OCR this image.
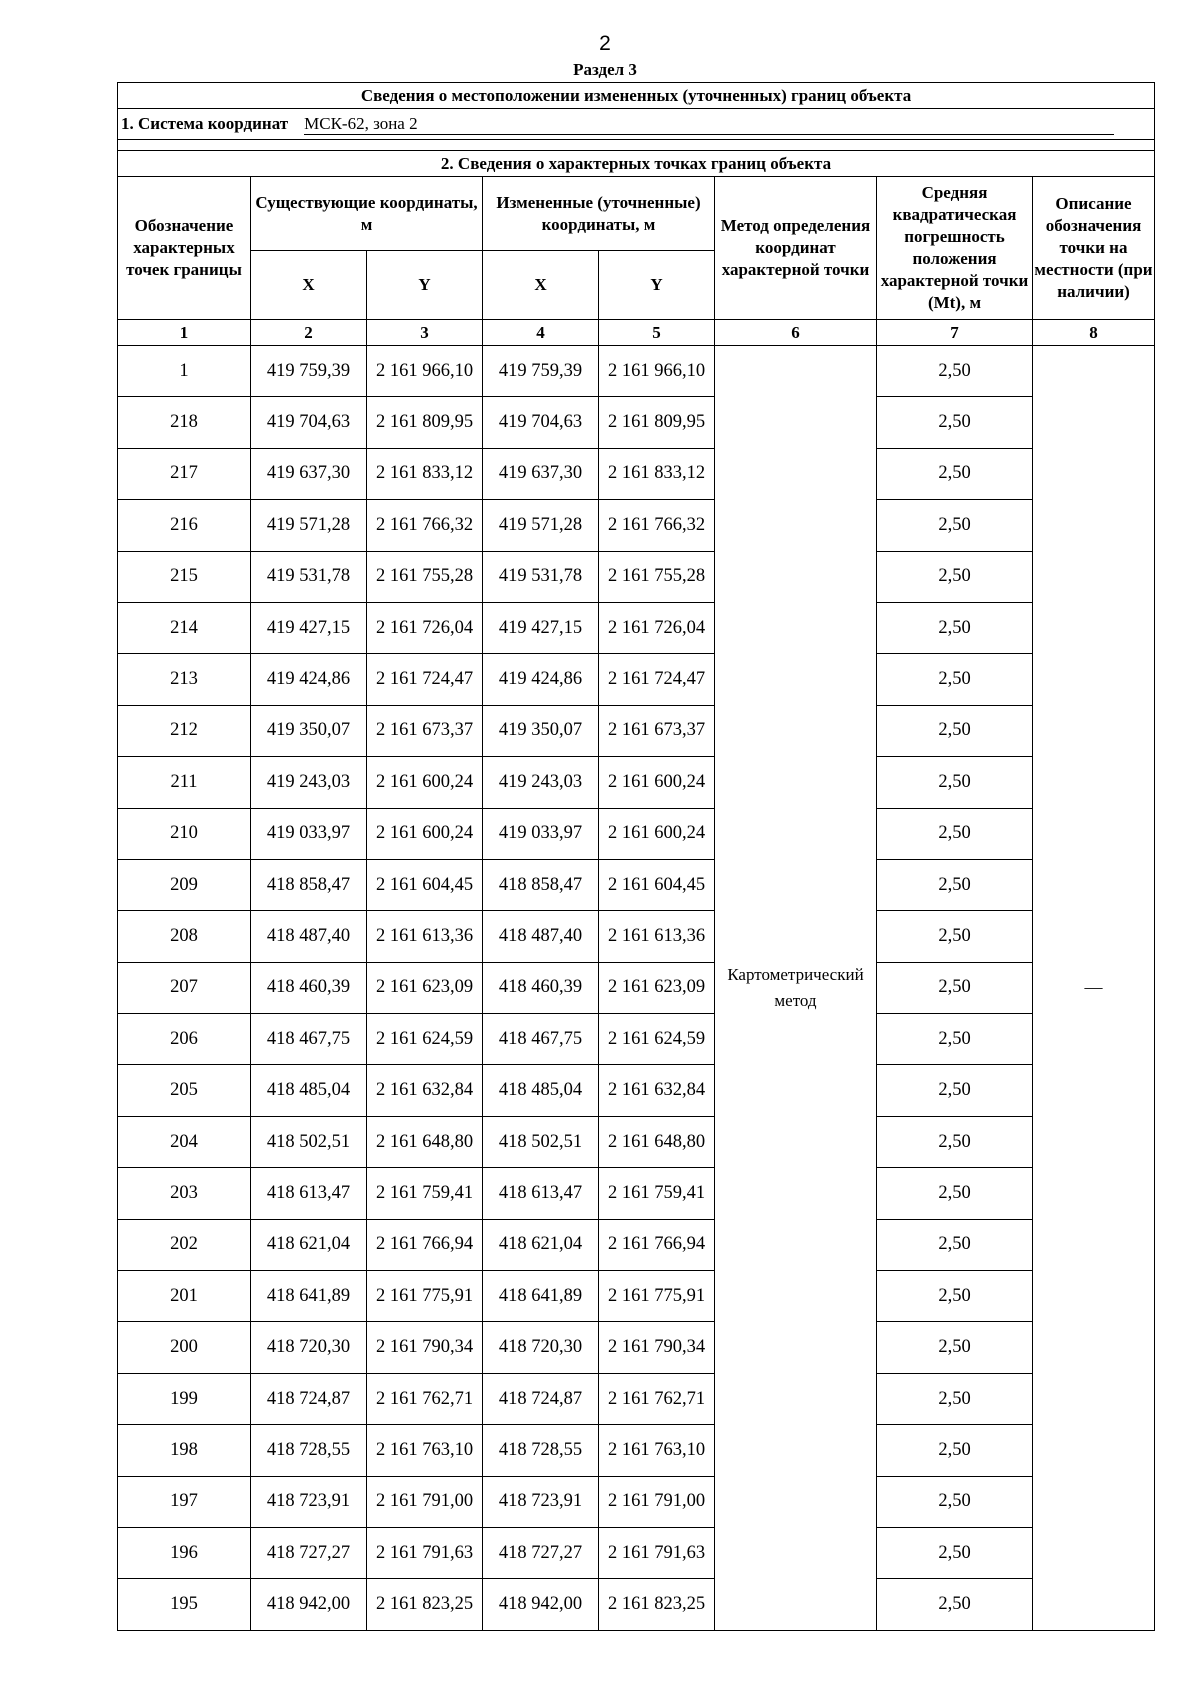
2
Раздел 3
Сведения о местоположении измененных (уточненных) границ объекта							
1. Система координат МСК-62, зона 2							

2. Сведения о характерных точках границ объекта							
Обозначение характерных точек границы	Существующие координаты, м		Измененные (уточненные) координаты, м		Метод определения координат характерной точки	Средняя квадратическая погрешность положения характерной точки (Mt), м	Описание обозначения точки на местности (при наличии)
	X	Y	X	Y			
1	2	3	4	5	6	7	8
1	419 759,39	2 161 966,10	419 759,39	2 161 966,10	Картометрический метод	2,50	—
218	419 704,63	2 161 809,95	419 704,63	2 161 809,95		2,50	
217	419 637,30	2 161 833,12	419 637,30	2 161 833,12		2,50	
216	419 571,28	2 161 766,32	419 571,28	2 161 766,32		2,50	
215	419 531,78	2 161 755,28	419 531,78	2 161 755,28		2,50	
214	419 427,15	2 161 726,04	419 427,15	2 161 726,04		2,50	
213	419 424,86	2 161 724,47	419 424,86	2 161 724,47		2,50	
212	419 350,07	2 161 673,37	419 350,07	2 161 673,37		2,50	
211	419 243,03	2 161 600,24	419 243,03	2 161 600,24		2,50	
210	419 033,97	2 161 600,24	419 033,97	2 161 600,24		2,50	
209	418 858,47	2 161 604,45	418 858,47	2 161 604,45		2,50	
208	418 487,40	2 161 613,36	418 487,40	2 161 613,36		2,50	
207	418 460,39	2 161 623,09	418 460,39	2 161 623,09		2,50	
206	418 467,75	2 161 624,59	418 467,75	2 161 624,59		2,50	
205	418 485,04	2 161 632,84	418 485,04	2 161 632,84		2,50	
204	418 502,51	2 161 648,80	418 502,51	2 161 648,80		2,50	
203	418 613,47	2 161 759,41	418 613,47	2 161 759,41		2,50	
202	418 621,04	2 161 766,94	418 621,04	2 161 766,94		2,50	
201	418 641,89	2 161 775,91	418 641,89	2 161 775,91		2,50	
200	418 720,30	2 161 790,34	418 720,30	2 161 790,34		2,50	
199	418 724,87	2 161 762,71	418 724,87	2 161 762,71		2,50	
198	418 728,55	2 161 763,10	418 728,55	2 161 763,10		2,50	
197	418 723,91	2 161 791,00	418 723,91	2 161 791,00		2,50	
196	418 727,27	2 161 791,63	418 727,27	2 161 791,63		2,50	
195	418 942,00	2 161 823,25	418 942,00	2 161 823,25		2,50	
